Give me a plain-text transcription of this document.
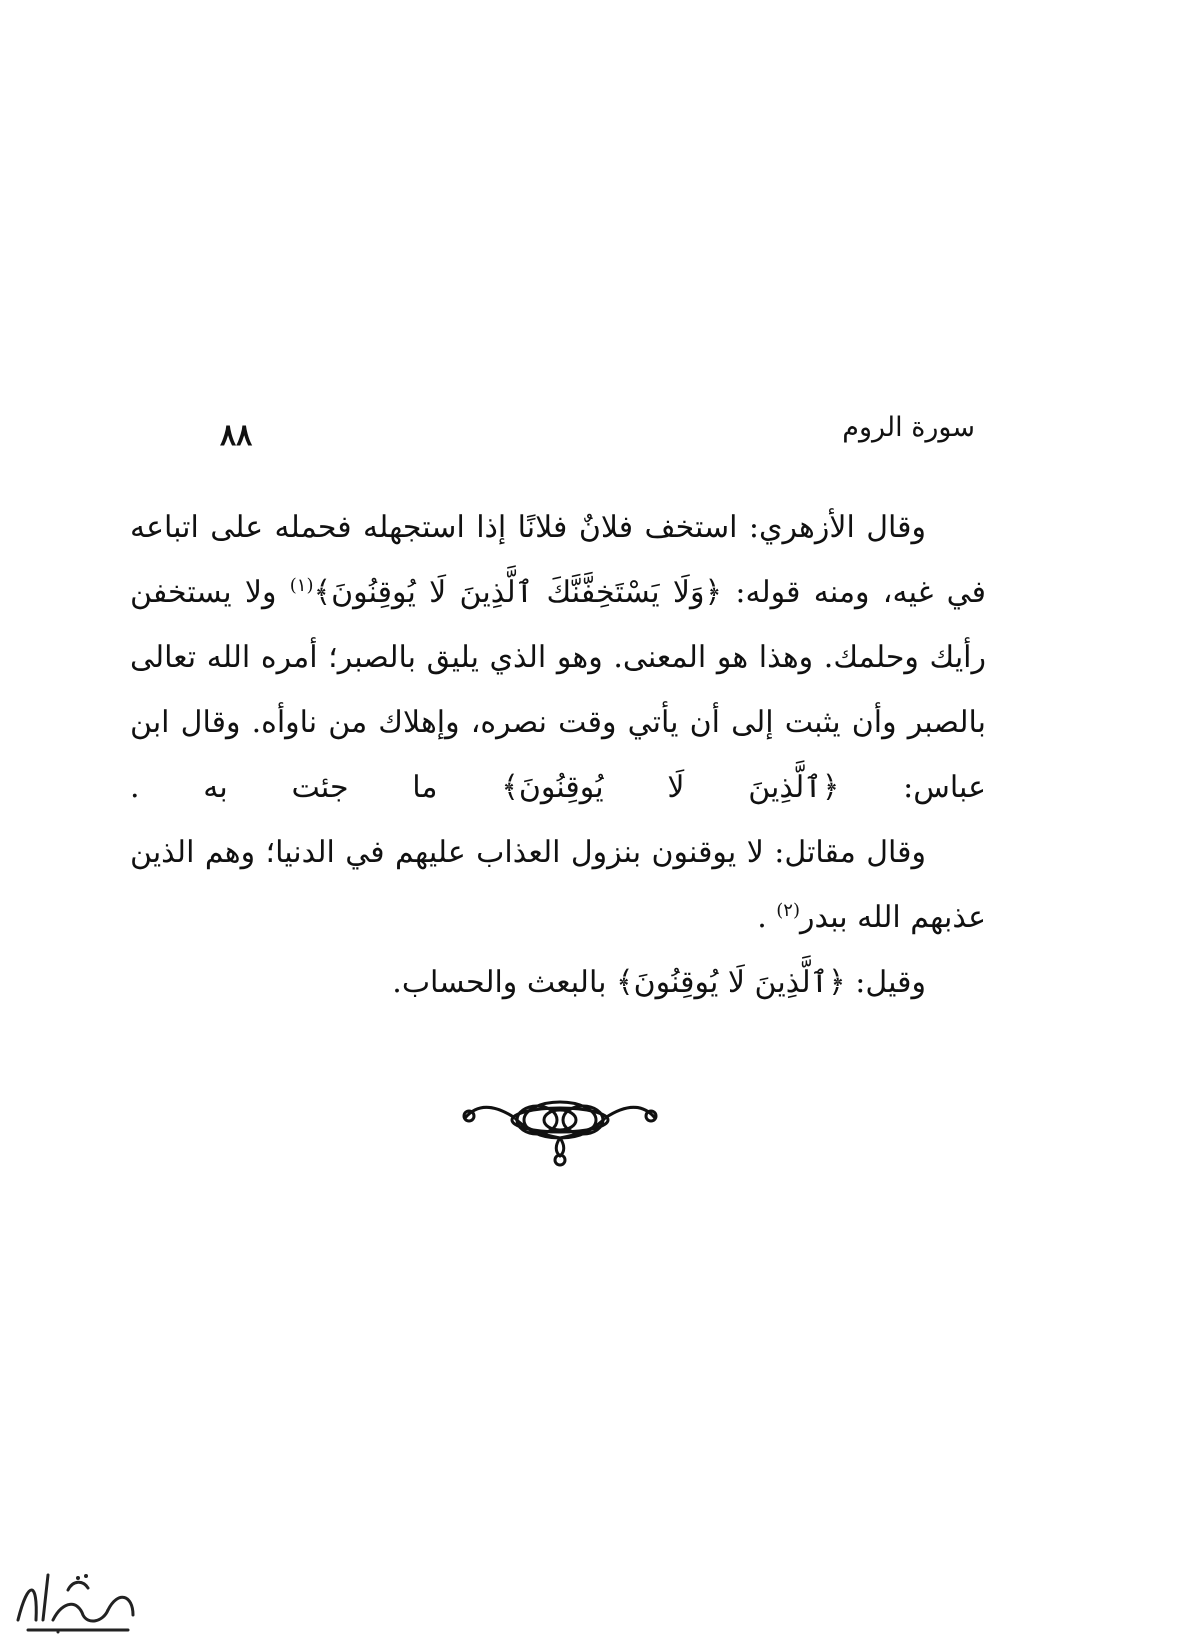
٨٨	سورة الروم

وقال الأزهري: استخف فلانٌ فلانًا إذا استجهله فحمله على اتباعه في غيه، ومنه قوله: ﴿وَلَا يَسْتَخِفَّنَّكَ ٱلَّذِينَ لَا يُوقِنُونَ﴾$^{(١)}$ ولا يستخفن رأيك وحلمك. وهذا هو المعنى. وهو الذي يليق بالصبر؛ أمره الله تعالى بالصبر وأن يثبت إلى أن يأتي وقت نصره، وإهلاك من ناوأه. وقال ابن عباس: ﴿ٱلَّذِينَ لَا يُوقِنُونَ﴾ ما جئت به .

وقال مقاتل: لا يوقنون بنزول العذاب عليهم في الدنيا؛ وهم الذين عذبهم الله ببدر$^{(٢)}$ .

وقيل: ﴿ٱلَّذِينَ لَا يُوقِنُونَ﴾ بالبعث والحساب.
